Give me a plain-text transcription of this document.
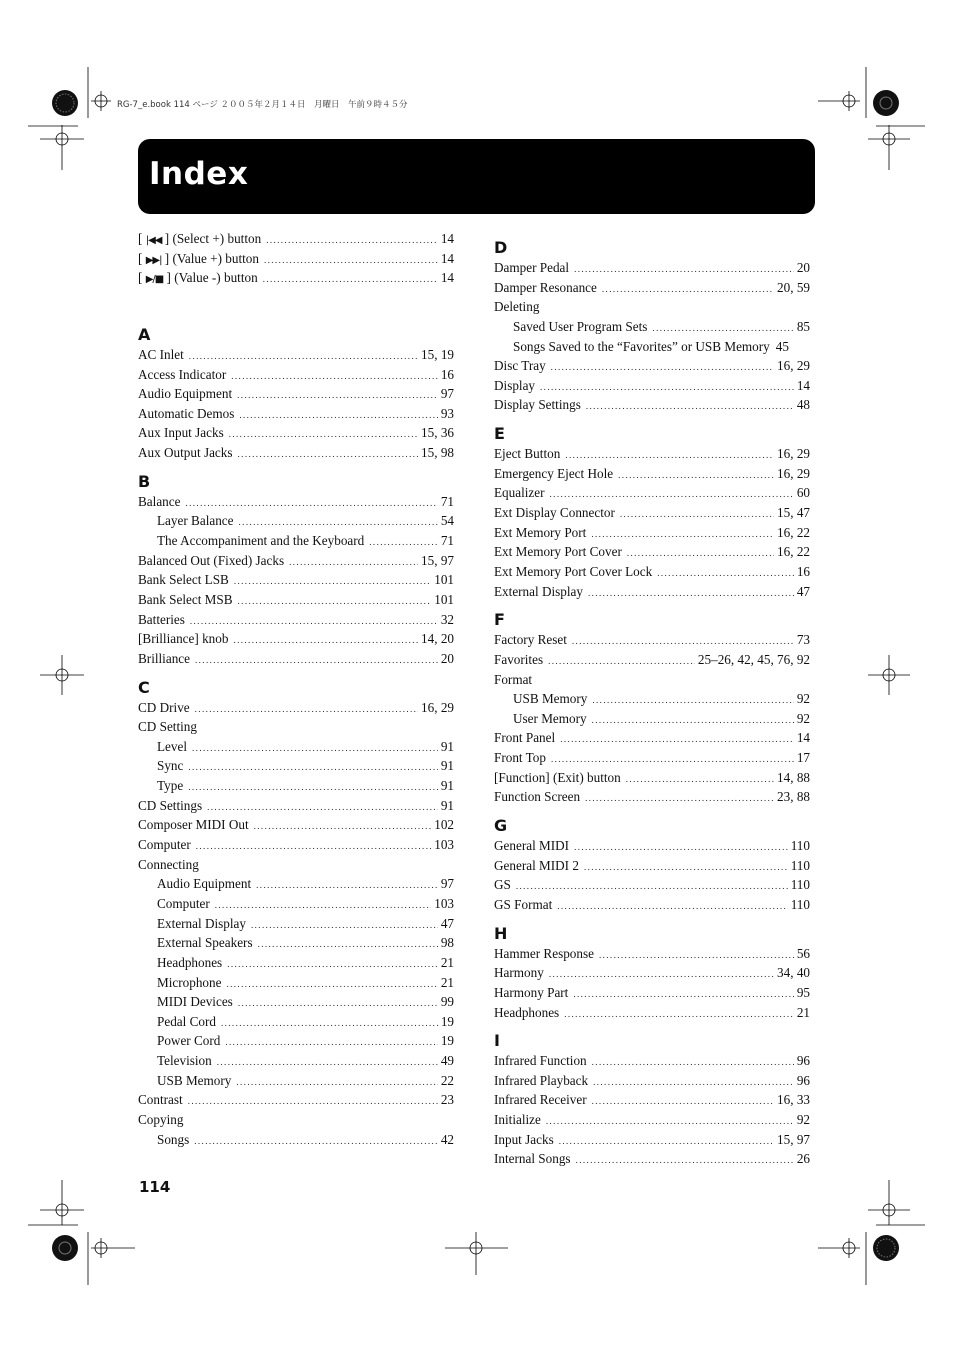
RG-7_e.book 114 ページ ２００５年２月１４日　月曜日　午前９時４５分
Index
[ |◀◀ ] (Select +) button .....	14
[ ▶▶| ] (Value +) button .....	14
[ ▶/■ ] (Value -) button .....	14
A
AC Inlet .....	15, 19
Access Indicator .....	16
Audio Equipment .....	97
Automatic Demos .....	93
Aux Input Jacks .....	15, 36
Aux Output Jacks .....	15, 98
B
Balance .....	71
Layer Balance .....	54
The Accompaniment and the Keyboard .....	71
Balanced Out (Fixed) Jacks .....	15, 97
Bank Select LSB .....	101
Bank Select MSB .....	101
Batteries .....	32
[Brilliance] knob .....	14, 20
Brilliance .....	20
C
CD Drive .....	16, 29
CD Setting
Level .....	91
Sync .....	91
Type .....	91
CD Settings .....	91
Composer MIDI Out .....	102
Computer .....	103
Connecting
Audio Equipment .....	97
Computer .....	103
External Display .....	47
External Speakers .....	98
Headphones .....	21
Microphone .....	21
MIDI Devices .....	99
Pedal Cord .....	19
Power Cord .....	19
Television .....	49
USB Memory .....	22
Contrast .....	23
Copying
Songs .....	42
D
Damper Pedal .....	20
Damper Resonance .....	20, 59
Deleting
Saved User Program Sets .....	85
Songs Saved to the “Favorites” or USB Memory 45
Disc Tray .....	16, 29
Display .....	14
Display Settings .....	48
E
Eject Button .....	16, 29
Emergency Eject Hole .....	16, 29
Equalizer .....	60
Ext Display Connector .....	15, 47
Ext Memory Port .....	16, 22
Ext Memory Port Cover .....	16, 22
Ext Memory Port Cover Lock .....	16
External Display .....	47
F
Factory Reset .....	73
Favorites .....	25–26, 42, 45, 76, 92
Format
USB Memory .....	92
User Memory .....	92
Front Panel .....	14
Front Top .....	17
[Function] (Exit) button .....	14, 88
Function Screen .....	23, 88
G
General MIDI .....	110
General MIDI 2 .....	110
GS .....	110
GS Format .....	110
H
Hammer Response .....	56
Harmony .....	34, 40
Harmony Part .....	95
Headphones .....	21
I
Infrared Function .....	96
Infrared Playback .....	96
Infrared Receiver .....	16, 33
Initialize .....	92
Input Jacks .....	15, 97
Internal Songs .....	26
114
